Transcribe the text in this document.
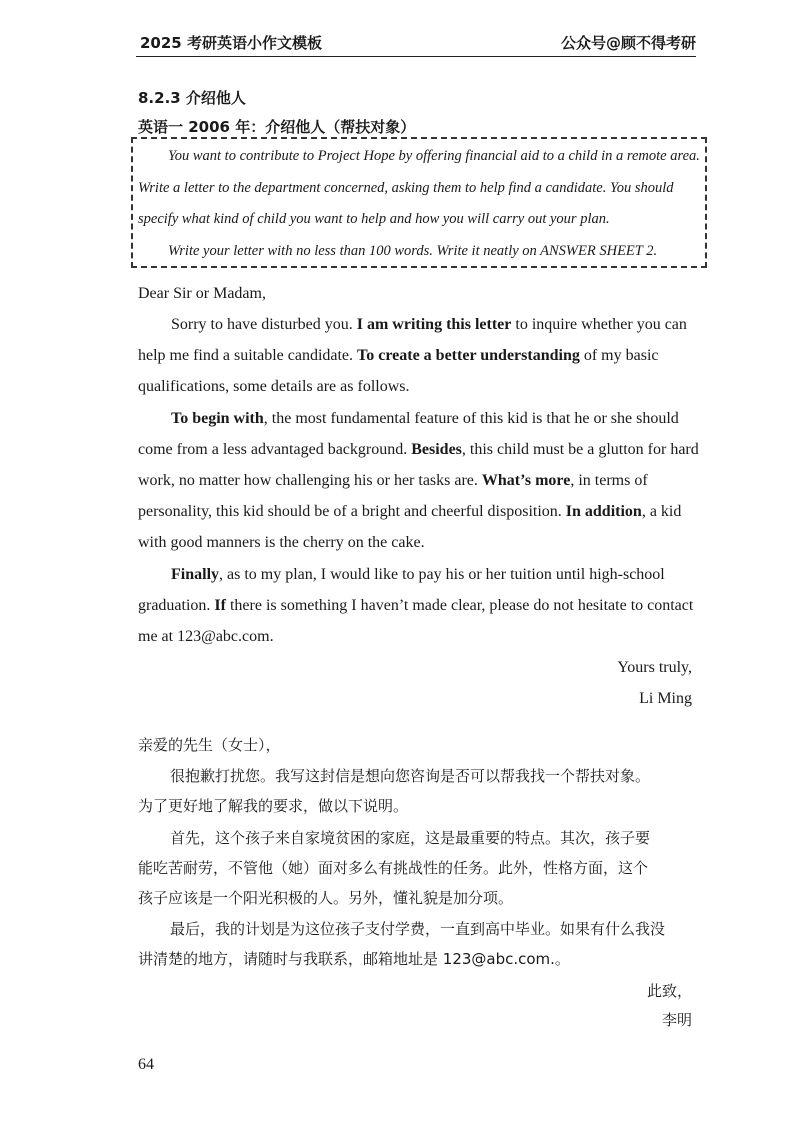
2025 考研英语小作文模板	公众号@顾不得考研
8.2.3 介绍他人
英语一 2006 年：介绍他人（帮扶对象）
You want to contribute to Project Hope by offering financial aid to a child in a remote area.
Write a letter to the department concerned, asking them to help find a candidate. You should
specify what kind of child you want to help and how you will carry out your plan.
Write your letter with no less than 100 words. Write it neatly on ANSWER SHEET 2.
Dear Sir or Madam,
Sorry to have disturbed you. I am writing this letter to inquire whether you can
help me find a suitable candidate. To create a better understanding of my basic
qualifications, some details are as follows.
To begin with, the most fundamental feature of this kid is that he or she should
come from a less advantaged background. Besides, this child must be a glutton for hard
work, no matter how challenging his or her tasks are. What’s more, in terms of
personality, this kid should be of a bright and cheerful disposition. In addition, a kid
with good manners is the cherry on the cake.
Finally, as to my plan, I would like to pay his or her tuition until high-school
graduation. If there is something I haven’t made clear, please do not hesitate to contact
me at 123@abc.com.
Yours truly,
Li Ming
亲爱的先生（女士），
很抱歉打扰您。我写这封信是想向您咨询是否可以帮我找一个帮扶对象。
为了更好地了解我的要求，做以下说明。
首先，这个孩子来自家境贫困的家庭，这是最重要的特点。其次，孩子要
能吃苦耐劳，不管他（她）面对多么有挑战性的任务。此外，性格方面，这个
孩子应该是一个阳光积极的人。另外，懂礼貌是加分项。
最后，我的计划是为这位孩子支付学费，一直到高中毕业。如果有什么我没
讲清楚的地方，请随时与我联系，邮箱地址是 123@abc.com.。
此致，
李明
64
